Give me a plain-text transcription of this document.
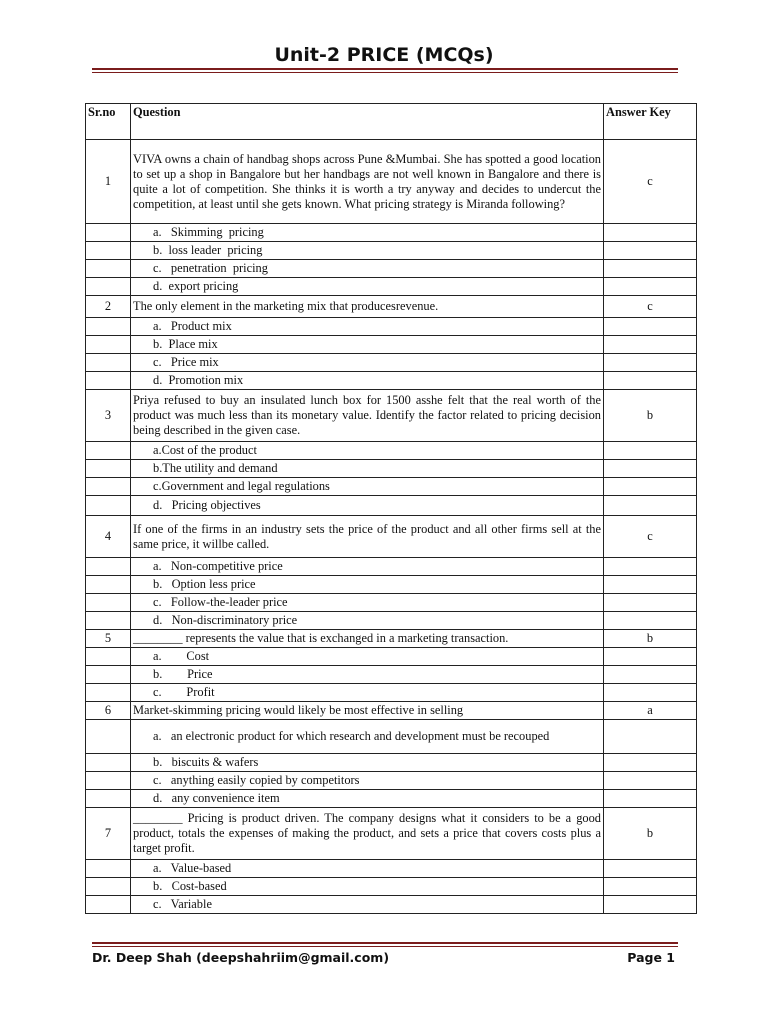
Unit-2 PRICE (MCQs)
Sr.no	Question	Answer Key
1	VIVA owns a chain of handbag shops across Pune &Mumbai. She has spotted a good location to set up a shop in Bangalore but her handbags are not well known in Bangalore and there is quite a lot of competition. She thinks it is worth a try anyway and decides to undercut the competition, at least until she gets known. What pricing strategy is Miranda following?	c
	a.   Skimming  pricing	
	b.  loss leader  pricing	
	c.   penetration  pricing	
	d.  export pricing	
2	The only element in the marketing mix that producesrevenue.	c
	a.   Product mix	
	b.  Place mix	
	c.   Price mix	
	d.  Promotion mix	
3	Priya refused to buy an insulated lunch box for 1500 asshe felt that the real worth of the product was much less than its monetary value. Identify the factor related to pricing decision being described in the given case.	b
	a.Cost of the product	
	b.The utility and demand	
	c.Government and legal regulations	
	d.   Pricing objectives	
4	If one of the firms in an industry sets the price of the product and all other firms sell at the same price, it willbe called.	c
	a.   Non-competitive price	
	b.   Option less price	
	c.   Follow-the-leader price	
	d.   Non-discriminatory price	
5	________ represents the value that is exchanged in a marketing transaction.	b
	a.        Cost	
	b.        Price	
	c.        Profit	
6	Market-skimming pricing would likely be most effective in selling	a
	a.   an electronic product for which research and development must be recouped	
	b.   biscuits & wafers	
	c.   anything easily copied by competitors	
	d.   any convenience item	
7	________ Pricing is product driven. The company designs what it considers to be a good product, totals the expenses of making the product, and sets a price that covers costs plus a target profit.	b
	a.   Value-based	
	b.   Cost-based	
	c.   Variable	
Dr. Deep Shah (deepshahriim@gmail.com)	Page 1
